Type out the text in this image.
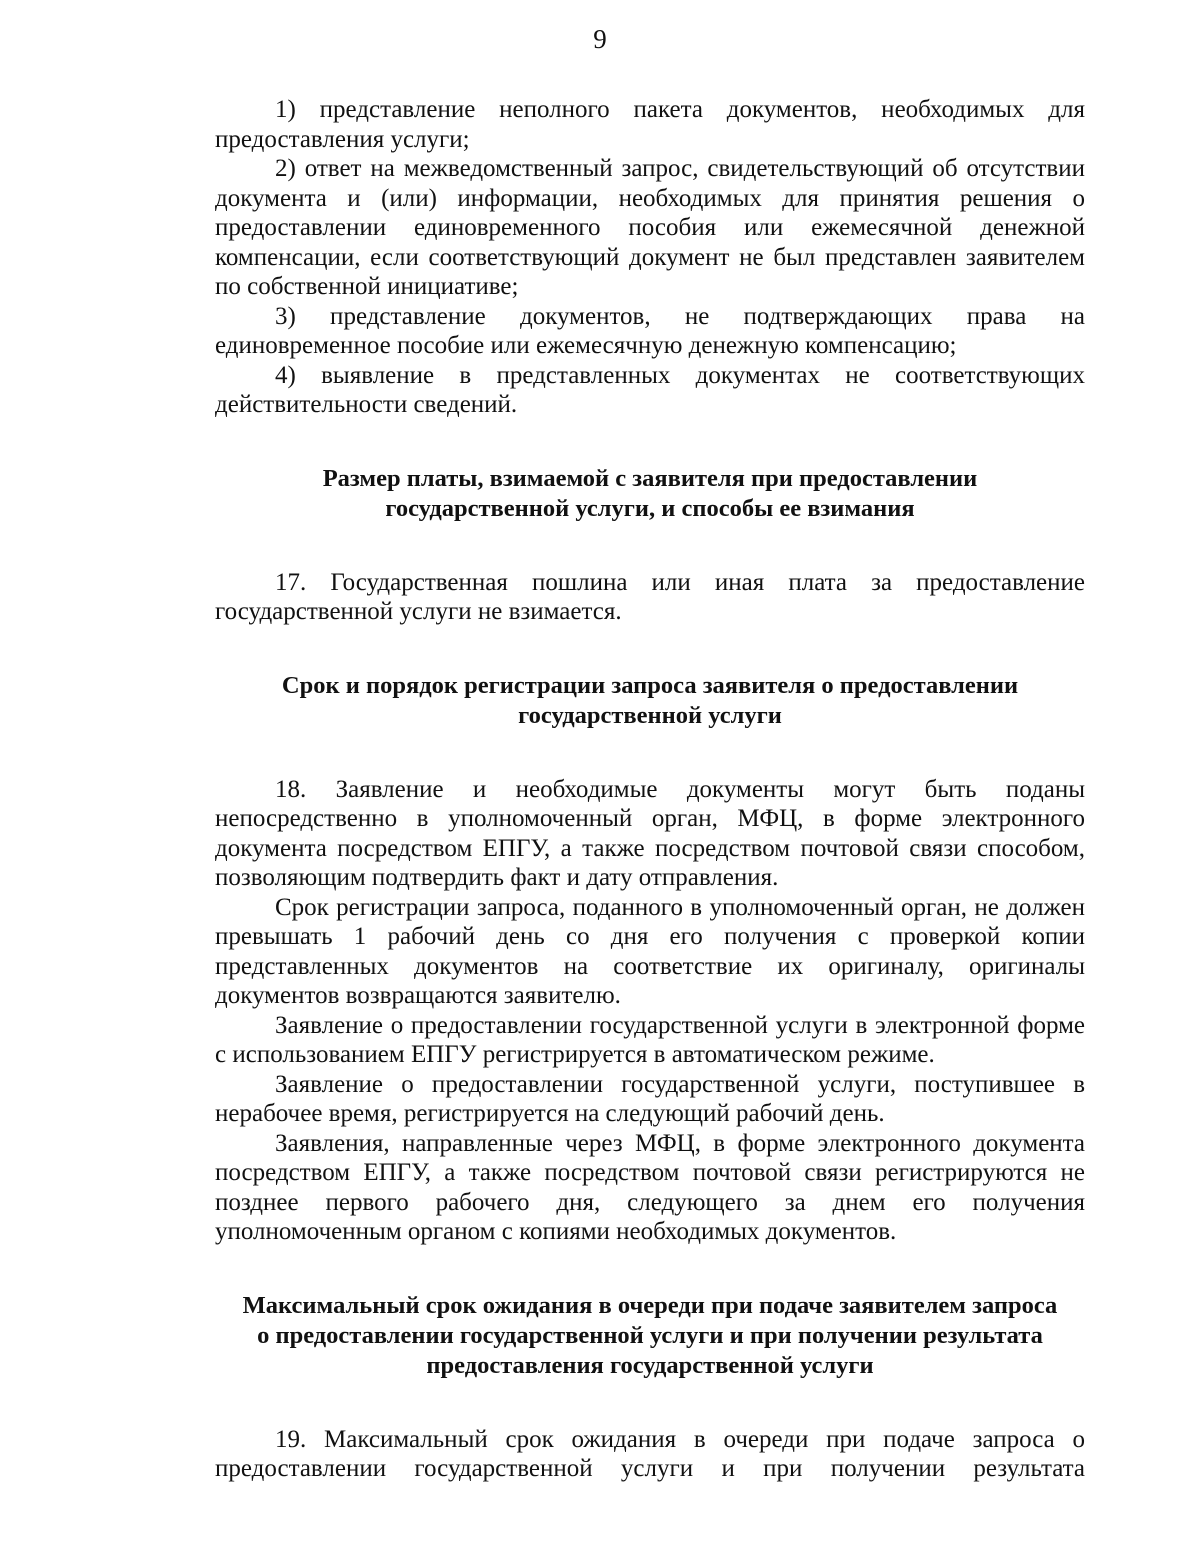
9

1) представление неполного пакета документов, необходимых для предоставления услуги;

2) ответ на межведомственный запрос, свидетельствующий об отсутствии документа и (или) информации, необходимых для принятия решения о предоставлении единовременного пособия или ежемесячной денежной компенсации, если соответствующий документ не был представлен заявителем по собственной инициативе;

3) представление документов, не подтверждающих права на единовременное пособие или ежемесячную денежную компенсацию;

4) выявление в представленных документах не соответствующих действительности сведений.

Размер платы, взимаемой с заявителя при предоставлении государственной услуги, и способы ее взимания

17. Государственная пошлина или иная плата за предоставление государственной услуги не взимается.

Срок и порядок регистрации запроса заявителя о предоставлении государственной услуги

18. Заявление и необходимые документы могут быть поданы непосредственно в уполномоченный орган, МФЦ, в форме электронного документа посредством ЕПГУ, а также посредством почтовой связи способом, позволяющим подтвердить факт и дату отправления.

Срок регистрации запроса, поданного в уполномоченный орган, не должен превышать 1 рабочий день со дня его получения с проверкой копии представленных документов на соответствие их оригиналу, оригиналы документов возвращаются заявителю.

Заявление о предоставлении государственной услуги в электронной форме с использованием ЕПГУ регистрируется в автоматическом режиме.

Заявление о предоставлении государственной услуги, поступившее в нерабочее время, регистрируется на следующий рабочий день.

Заявления, направленные через МФЦ, в форме электронного документа посредством ЕПГУ, а также посредством почтовой связи регистрируются не позднее первого рабочего дня, следующего за днем его получения уполномоченным органом с копиями необходимых документов.

Максимальный срок ожидания в очереди при подаче заявителем запроса о предоставлении государственной услуги и при получении результата предоставления государственной услуги

19. Максимальный срок ожидания в очереди при подаче запроса о предоставлении государственной услуги и при получении результата
